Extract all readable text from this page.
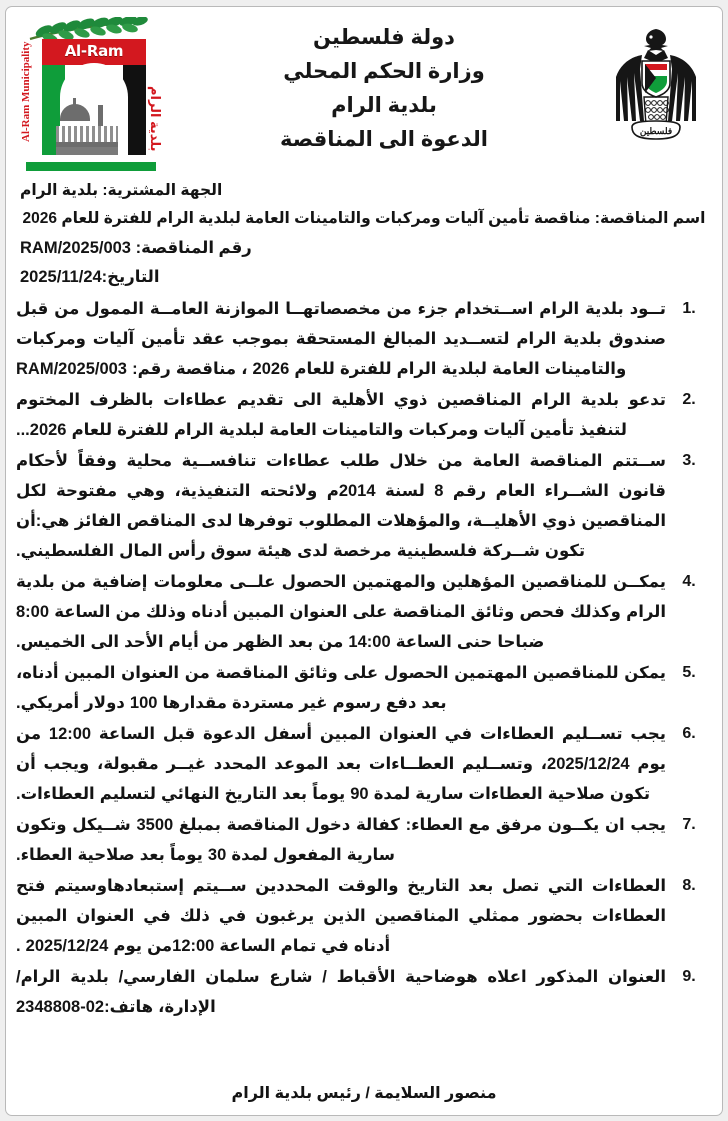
فلسطين
دولة فلسطين
وزارة الحكم المحلي
بلدية الرام
الدعوة الى المناقصة
Al-Ram
بلدية الرام
Al-Ram Municipality
الجهة المشترية: بلدية الرام
اسم المناقصة: مناقصة تأمين آليات ومركبات والتامينات العامة لبلدية الرام للفترة للعام 2026
رقم المناقصة: RAM/2025/003
التاريخ:2025/11/24
1.
تــود بلدية الرام اســتخدام جزء من مخصصاتهــا الموازنة العامــة الممول من قبل صندوق بلدية الرام لتســديد المبالغ المستحقة بموجب عقد تأمين آليات ومركبات والتامينات العامة لبلدية الرام للفترة للعام 2026 ، مناقصة رقم: RAM/2025/003
2.
تدعو بلدية الرام المناقصين ذوي الأهلية الى تقديم عطاءات بالظرف المختوم لتنفيذ تأمين آليات ومركبات والتامينات العامة لبلدية الرام للفترة للعام 2026...
3.
ســتتم المناقصة العامة من خلال طلب عطاءات تنافســية محلية وفقاً لأحكام قانون الشــراء العام رقم 8 لسنة 2014م ولائحته التنفيذية، وهي مفتوحة لكل المناقصين ذوي الأهليــة، والمؤهلات المطلوب توفرها لدى المناقص الفائز هي:أن تكون شــركة فلسطينية مرخصة لدى هيئة سوق رأس المال الفلسطيني.
4.
يمكــن للمناقصين المؤهلين والمهتمين الحصول علــى معلومات إضافية من بلدية الرام وكذلك فحص وثائق المناقصة على العنوان المبين أدناه وذلك من الساعة 8:00 ضباحا حنى الساعة 14:00 من بعد الظهر من أيام الأحد الى الخميس.
5.
يمكن للمناقصين المهتمين الحصول على وثائق المناقصة من العنوان المبين أدناه، بعد دفع رسوم غير مستردة مقدارها 100 دولار أمريكي.
6.
يجب تســليم العطاءات في العنوان المبين أسفل الدعوة قبل الساعة 12:00 من يوم 2025/12/24، وتســليم العطــاءات بعد الموعد المحدد غيــر مقبولة، ويجب أن تكون صلاحية العطاءات سارية لمدة 90 يوماً بعد التاريخ النهائي لتسليم العطاءات.
7.
يجب ان يكــون مرفق مع العطاء: كفالة دخول المناقصة بمبلغ 3500 شــيكل وتكون سارية المفعول لمدة 30 يوماً بعد صلاحية العطاء.
8.
العطاءات التي تصل بعد التاريخ والوقت المحددين ســيتم إستبعادهاوسيتم فتح العطاءات بحضور ممثلي المناقصين الذين يرغبون في ذلك في العنوان المبين أدناه في تمام الساعة 12:00من يوم 2025/12/24 .
9.
العنوان المذكور اعلاه هوضاحية الأقباط / شارع سلمان الفارسي/ بلدية الرام/ الإدارة، هاتف:02-2348808
منصور السلايمة / رئيس بلدية الرام
